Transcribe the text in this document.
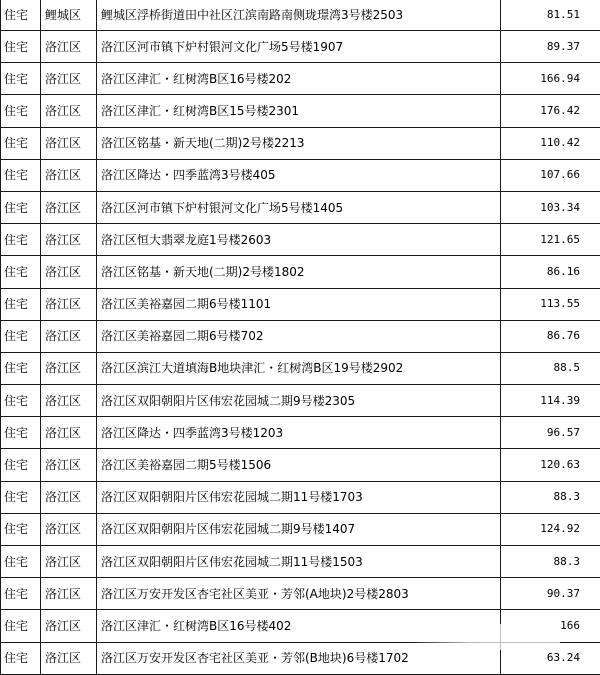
住宅	鲤城区	鲤城区浮桥街道田中社区江滨南路南侧珑璟湾3号楼2503	81.51
住宅	洛江区	洛江区河市镇下炉村银河文化广场5号楼1907	89.37
住宅	洛江区	洛江区津汇・红树湾B区16号楼202	166.94
住宅	洛江区	洛江区津汇・红树湾B区15号楼2301	176.42
住宅	洛江区	洛江区铭基・新天地(二期)2号楼2213	110.42
住宅	洛江区	洛江区降达・四季蓝湾3号楼405	107.66
住宅	洛江区	洛江区河市镇下炉村银河文化广场5号楼1405	103.34
住宅	洛江区	洛江区恒大翡翠龙庭1号楼2603	121.65
住宅	洛江区	洛江区铭基・新天地(二期)2号楼1802	86.16
住宅	洛江区	洛江区美裕嘉园二期6号楼1101	113.55
住宅	洛江区	洛江区美裕嘉园二期6号楼702	86.76
住宅	洛江区	洛江区滨江大道填海B地块津汇・红树湾B区19号楼2902	88.5
住宅	洛江区	洛江区双阳朝阳片区伟宏花园城二期9号楼2305	114.39
住宅	洛江区	洛江区降达・四季蓝湾3号楼1203	96.57
住宅	洛江区	洛江区美裕嘉园二期5号楼1506	120.63
住宅	洛江区	洛江区双阳朝阳片区伟宏花园城二期11号楼1703	88.3
住宅	洛江区	洛江区双阳朝阳片区伟宏花园城二期9号楼1407	124.92
住宅	洛江区	洛江区双阳朝阳片区伟宏花园城二期11号楼1503	88.3
住宅	洛江区	洛江区万安开发区杏宅社区美亚・芳邻(A地块)2号楼2803	90.37
住宅	洛江区	洛江区津汇・红树湾B区16号楼402	166
住宅	洛江区	洛江区万安开发区杏宅社区美亚・芳邻(B地块)6号楼1702	63.24
